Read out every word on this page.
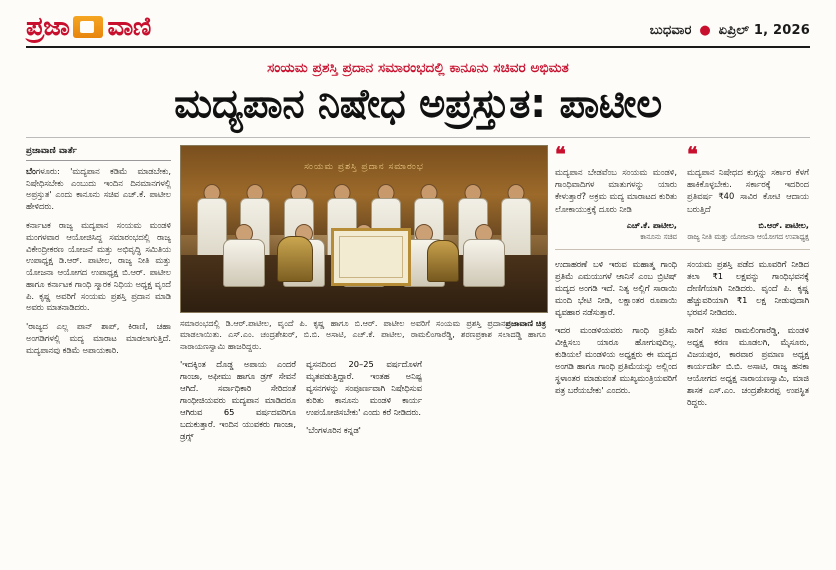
ಪ್ರಜಾ ವಾಣಿ	ಬುಧವಾರ ● ಏಪ್ರಿಲ್ 1, 2026
ಸಂಯಮ ಪ್ರಶಸ್ತಿ ಪ್ರದಾನ ಸಮಾರಂಭದಲ್ಲಿ ಕಾನೂನು ಸಚಿವರ ಅಭಿಮತ
ಮದ್ಯಪಾನ ನಿಷೇಧ ಅಪ್ರಸ್ತುತ: ಪಾಟೀಲ
ಪ್ರಜಾವಾಣಿ ವಾರ್ತೆ

ಬೆಂಗಳೂರು: 'ಮದ್ಯಪಾನ ಕಡಿಮೆ ಮಾಡಬೇಕು, ನಿಷೇಧಿಸಬೇಕು ಎಂಬುದು ಇಂದಿನ ದಿನಮಾನಗಳಲ್ಲಿ ಅಪ್ರಸ್ತುತ' ಎಂದು ಕಾನೂನು ಸಚಿವ ಎಚ್.ಕೆ. ಪಾಟೀಲ ಹೇಳಿದರು.

ಕರ್ನಾಟಕ ರಾಜ್ಯ ಮದ್ಯಪಾನ ಸಂಯಮ ಮಂಡಳಿ ಮಂಗಳವಾರ ಆಯೋಜಿಸಿದ್ದ ಸಮಾರಂಭದಲ್ಲಿ ರಾಜ್ಯ ವಿಕೇಂದ್ರೀಕರಣ ಯೋಜನೆ ಮತ್ತು ಅಭಿವೃದ್ಧಿ ಸಮಿತಿಯ ಉಪಾಧ್ಯಕ್ಷ ಡಿ.ಆರ್. ಪಾಟೀಲ, ರಾಜ್ಯ ನೀತಿ ಮತ್ತು ಯೋಜನಾ ಆಯೋಗದ ಉಪಾಧ್ಯಕ್ಷ ಬಿ.ಆರ್. ಪಾಟೀಲ ಹಾಗೂ ಕರ್ನಾಟಕ ಗಾಂಧಿ ಸ್ಮಾರಕ ನಿಧಿಯ ಅಧ್ಯಕ್ಷ ವೃಂದೆ ಪಿ. ಕೃಷ್ಣ ಅವರಿಗೆ ಸಂಯಮ ಪ್ರಶಸ್ತಿ ಪ್ರದಾನ ಮಾಡಿ ಅವರು ಮಾತನಾಡಿದರು.

'ರಾಜ್ಯದ ಎಲ್ಲ ಪಾನ್‌ ಶಾಪ್‌, ಕಿರಾಣಿ, ಚಹಾ ಅಂಗಡಿಗಳಲ್ಲಿ ಮದ್ಯ ಮಾರಾಟ ಮಾಡಲಾಗುತ್ತಿದೆ. ಮದ್ಯಪಾನವು ಕಡಿಮೆ ಅಪಾಯಕಾರಿ.

ಸಂಯಮ ಪ್ರಶಸ್ತಿ ಪ್ರದಾನ ಸಮಾರಂಭ
ಪ್ರಜಾವಾಣಿ ಚಿತ್ರ
ಸಮಾರಂಭದಲ್ಲಿ ಡಿ.ಆರ್.ಪಾಟೀಲ, ವೃಂದೆ ಪಿ. ಕೃಷ್ಣ ಹಾಗೂ ಬಿ.ಆರ್. ಪಾಟೀಲ ಅವರಿಗೆ ಸಂಯಮ ಪ್ರಶಸ್ತಿ ಪ್ರದಾನ ಮಾಡಲಾಯಿತು. ಎಸ್.ಎಂ. ಚಂದ್ರಶೇಖರ್, ಬಿ.ಬಿ. ಅಸಾಟಿ, ಎಚ್.ಕೆ. ಪಾಟೀಲ, ರಾಮಲಿಂಗಾರೆಡ್ಡಿ, ಶರಣಪ್ರಕಾಶ ಸಲಾದಡ್ಡಿ ಹಾಗೂ ನಾರಾಯಣಸ್ವಾಮಿ ಹಾಜರಿದ್ದರು.

'ಇದಕ್ಕಿಂತ ದೊಡ್ಡ ಅಪಾಯ ಎಂದರೆ ಗಾಂಜಾ, ಅಫೀಮು ಹಾಗೂ ಡ್ರಗ್‌ ಸೇವನೆ ಆಗಿದೆ. ಸರ್ವಾಧಿಕಾರಿ ಸೇರಿದಂತೆ ಗಾಂಧೀಜಿಯವರು ಮದ್ಯಪಾನ ಮಾಡಿದರೂ ಆಗಿರುವ 65 ವರ್ಷದವರಿಗೂ ಬದುಕುತ್ತಾರೆ. ಇಂದಿನ ಯುವಕರು ಗಾಂಜಾ, ಡ್ರಗ್ಸ್‌

ವ್ಯಸನದಿಂದ 20–25 ವರ್ಷದೊಳಗೆ ಮೃತಪಡುತ್ತಿದ್ದಾರೆ. ಇಂತಹ ಅನಿಷ್ಟ ವ್ಯಸನಗಳನ್ನು ಸಂಪೂರ್ಣವಾಗಿ ನಿಷೇಧಿಸುವ ಕುರಿತು ಕಾನೂನು ಮಂಡಳಿ ಕಾರ್ಯ ಉಪಯೋಜಿಸಬೇಕು' ಎಂದು ಕರೆ ನೀಡಿದರು.

'ಬೆಂಗಳೂರಿನ ಕನ್ನಡ'

❝
ಮದ್ಯಪಾನ ಬೇಡವೆಂಬ ಸಂಯಮ ಮಂಡಳಿ, ಗಾಂಧಿವಾದಿಗಳ ಮಾತುಗಳನ್ನು ಯಾರು ಕೇಳುತ್ತಾರೆ? ಅಕ್ರಮ ಮದ್ಯ ಮಾರಾಟದ ಕುರಿತು ಲೋಕಾಯುಕ್ತಕ್ಕೆ ದೂರು ನೀಡಿ
ಎಚ್.ಕೆ. ಪಾಟೀಲ,
ಕಾನೂನು ಸಚಿವ
❝
ಮದ್ಯಪಾನ ನಿಷೇಧದ ಕುಗ್ಗನ್ನು ಸರ್ಕಾರ ಕೆಳಗೆ ಹಾಕಿಕೊಳ್ಳಬೇಕು. ಸರ್ಕಾರಕ್ಕೆ ಇದರಿಂದ ಪ್ರತಿವರ್ಷ ₹40 ಸಾವಿರ ಕೋಟಿ ಆದಾಯ ಬರುತ್ತಿದೆ
ಬಿ.ಆರ್. ಪಾಟೀಲ,
ರಾಜ್ಯ ನೀತಿ ಮತ್ತು ಯೋಜನಾ ಆಯೋಗದ ಉಪಾಧ್ಯಕ್ಷ

ಉದಾಹರಣೆ ಬಳಿ ಇರುವ ಮಹಾತ್ಮ ಗಾಂಧಿ ಪ್ರತಿಮೆ ಎಮಯುಗಳೆ ಆಾನಿಸೆ ಎಂಬ ಬ್ರಿಟಿಷ್‌ ಮದ್ಯದ ಅಂಗಡಿ ಇದೆ. ನಿತ್ಯ ಅಲ್ಲಿಗೆ ಸಾರಾಯಿ ಮಂದಿ ಭೇಟಿ ನೀಡಿ, ಲಕ್ಷಾಂತರ ರೂಪಾಯಿ ವ್ಯವಹಾರ ನಡೆಸುತ್ತಾರೆ.

ಇದರ ಮಂಡಳಿಯವರು ಗಾಂಧಿ ಪ್ರತಿಮೆ ವೀಕ್ಷಿಸಲು ಯಾರೂ ಹೋಗುವುದಿಲ್ಲ. ಕುಡಿಯಲೆ ಮಂಡಳಿಯ ಅಧ್ಯಕ್ಷರು ಈ ಮದ್ಯದ ಅಂಗಡಿ ಹಾಗೂ ಗಾಂಧಿ ಪ್ರತಿಮೆಯನ್ನು ಅಲ್ಲಿಂದ ಸ್ಥಳಾಂತರ ಮಾಡುವಂತೆ ಮುಖ್ಯಮಂತ್ರಿಯವರಿಗೆ ಪತ್ರ ಬರೆಯಬೇಕು' ಎಂದರು.

ಸಂಯಮ ಪ್ರಶಸ್ತಿ ಪಡೆದ ಮೂವರಿಗೆ ನೀಡಿದ ತಲಾ ₹1 ಲಕ್ಷವನ್ನು ಗಾಂಧಿಭವನಕ್ಕೆ ದೇಣಿಗೆಯಾಗಿ ನೀಡಿದರು. ವೃಂದೆ ಪಿ. ಕೃಷ್ಣ ಹೆಚ್ಚುವರಿಯಾಗಿ ₹1 ಲಕ್ಷ ನೀಡುವುದಾಗಿ ಭರವಸೆ ನೀಡಿದರು.

ಸಾರಿಗೆ ಸಚಿವ ರಾಮಲಿಂಗಾರೆಡ್ಡಿ, ಮಂಡಳಿ ಅಧ್ಯಕ್ಷ ಕರಣ ಮೂಡಲಗಿ, ಮೈಸೂರು, ವಿಜಯಪುರ, ಕಾರವಾರ ಪ್ರಮಾಣ ಅಧ್ಯಕ್ಷ ಕಾರ್ಯದರ್ಶಿ ಬಿ.ಬಿ. ಅಸಾಟಿ, ರಾಜ್ಯ ಹನಕಾ ಆಯೋಗದ ಅಧ್ಯಕ್ಷ ನಾರಾಯಣಸ್ವಾಮಿ, ಮಾಜಿ ಶಾಸಕ ಎಸ್.ಎಂ. ಚಂದ್ರಶೇಖರಪ್ಪ ಉಪಸ್ಥಿತ ರಿದ್ದರು.
